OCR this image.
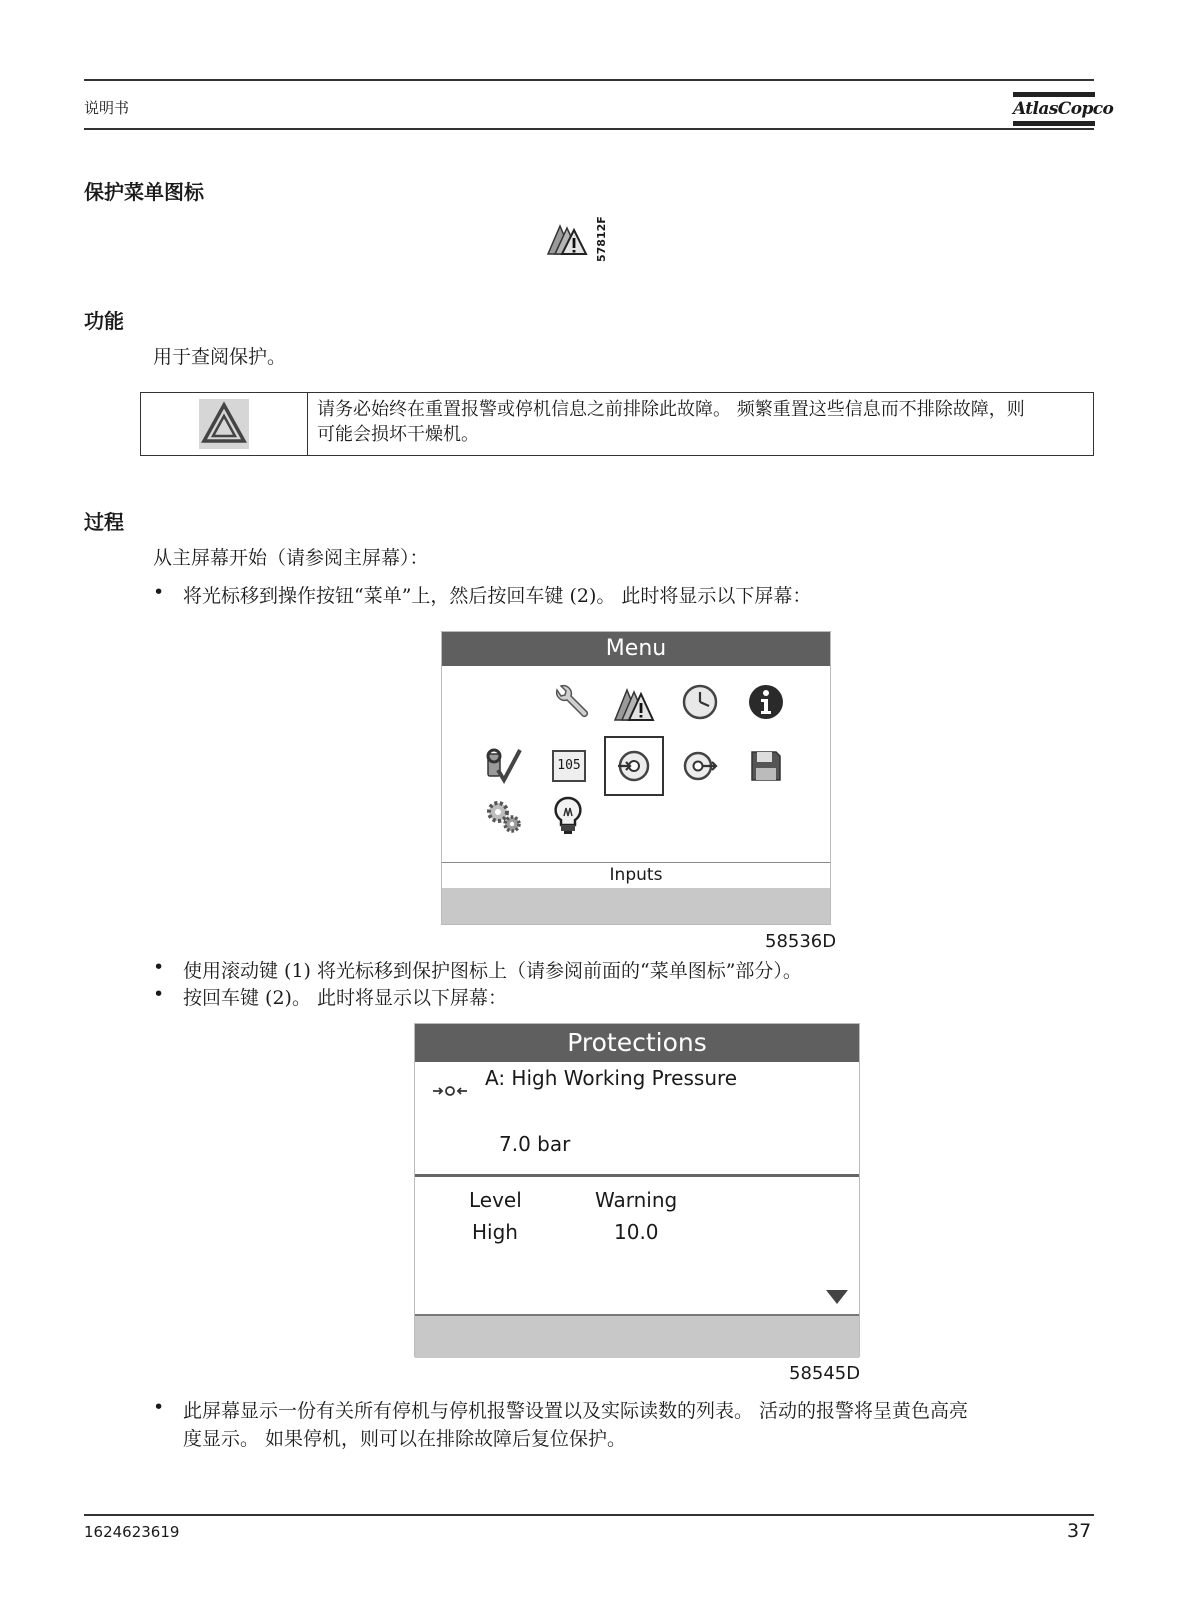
说明书	AtlasCopco
保护菜单图标
57812F
功能
用于查阅保护。
请务必始终在重置报警或停机信息之前排除此故障。 频繁重置这些信息而不排除故障，则
可能会损坏干燥机。
过程
从主屏幕开始（请参阅主屏幕）：
• 将光标移到操作按钮“菜单”上，然后按回车键 (2)。 此时将显示以下屏幕：
Menu
105
Inputs
58536D
• 使用滚动键 (1) 将光标移到保护图标上（请参阅前面的“菜单图标”部分）。
• 按回车键 (2)。 此时将显示以下屏幕：
Protections
A: High Working Pressure
7.0 bar
Level	Warning
High	10.0
58545D
• 此屏幕显示一份有关所有停机与停机报警设置以及实际读数的列表。 活动的报警将呈黄色高亮
度显示。 如果停机，则可以在排除故障后复位保护。
1624623619	37
